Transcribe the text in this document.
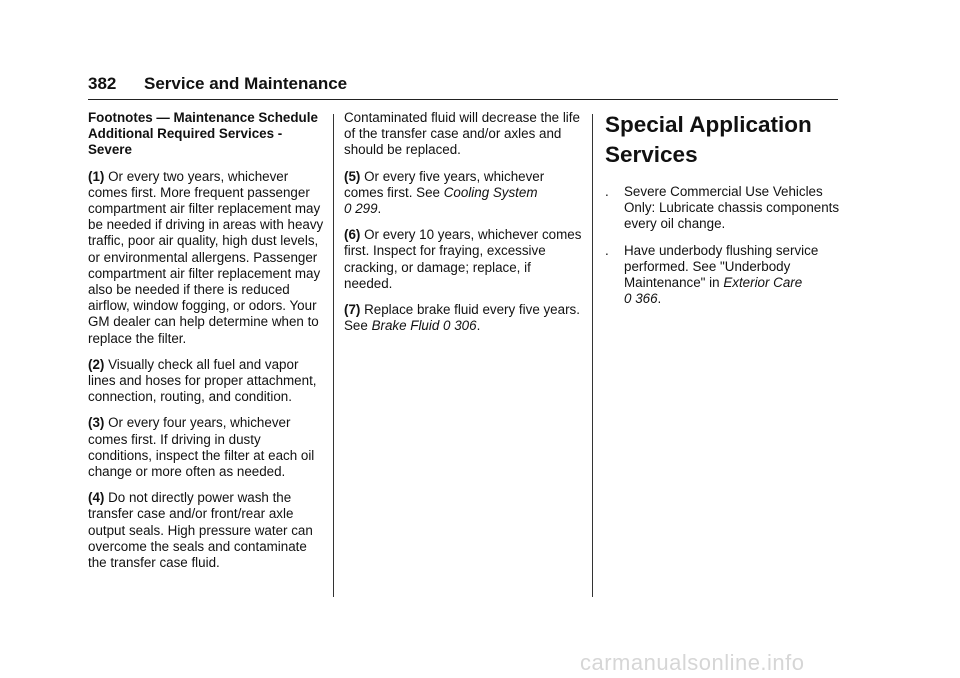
382 Service and Maintenance

Footnotes — Maintenance Schedule Additional Required Services - Severe

(1) Or every two years, whichever comes first. More frequent passenger compartment air filter replacement may be needed if driving in areas with heavy traffic, poor air quality, high dust levels, or environmental allergens. Passenger compartment air filter replacement may also be needed if there is reduced airflow, window fogging, or odors. Your GM dealer can help determine when to replace the filter.

(2) Visually check all fuel and vapor lines and hoses for proper attachment, connection, routing, and condition.

(3) Or every four years, whichever comes first. If driving in dusty conditions, inspect the filter at each oil change or more often as needed.

(4) Do not directly power wash the transfer case and/or front/rear axle output seals. High pressure water can overcome the seals and contaminate the transfer case fluid.

Contaminated fluid will decrease the life of the transfer case and/or axles and should be replaced.

(5) Or every five years, whichever comes first. See Cooling System
0 299.

(6) Or every 10 years, whichever comes first. Inspect for fraying, excessive cracking, or damage; replace, if needed.

(7) Replace brake fluid every five years. See Brake Fluid 0 306.

Special Application
Services
. Severe Commercial Use Vehicles Only: Lubricate chassis components every oil change.
. Have underbody flushing service performed. See "Underbody Maintenance" in Exterior Care
0 366.
carmanualsonline.info
